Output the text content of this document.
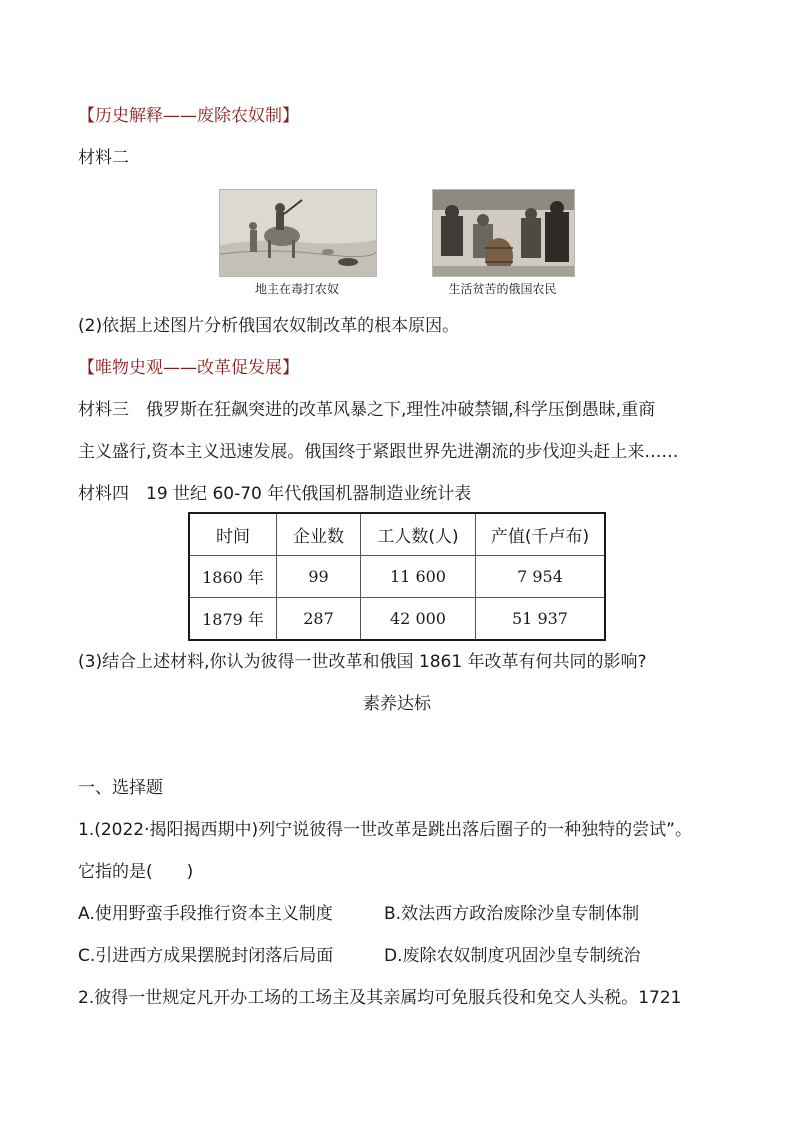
【历史解释——废除农奴制】
材料二
地主在毒打农奴	生活贫苦的俄国农民
(2)依据上述图片分析俄国农奴制改革的根本原因。
【唯物史观——改革促发展】
材料三　俄罗斯在狂飙突进的改革风暴之下,理性冲破禁锢,科学压倒愚昧,重商
主义盛行,资本主义迅速发展。俄国终于紧跟世界先进潮流的步伐迎头赶上来……
材料四　19 世纪 60-70 年代俄国机器制造业统计表
时间	企业数	工人数(人)	产值(千卢布)
1860 年	99	11 600	7 954
1879 年	287	42 000	51 937
(3)结合上述材料,你认为彼得一世改革和俄国 1861 年改革有何共同的影响?
素养达标
一、选择题
1.(2022·揭阳揭西期中)列宁说彼得一世改革是跳出落后圈子的一种独特的尝试”。
它指的是(　　)
A.使用野蛮手段推行资本主义制度	B.效法西方政治废除沙皇专制体制
C.引进西方成果摆脱封闭落后局面	D.废除农奴制度巩固沙皇专制统治
2.彼得一世规定凡开办工场的工场主及其亲属均可免服兵役和免交人头税。1721
